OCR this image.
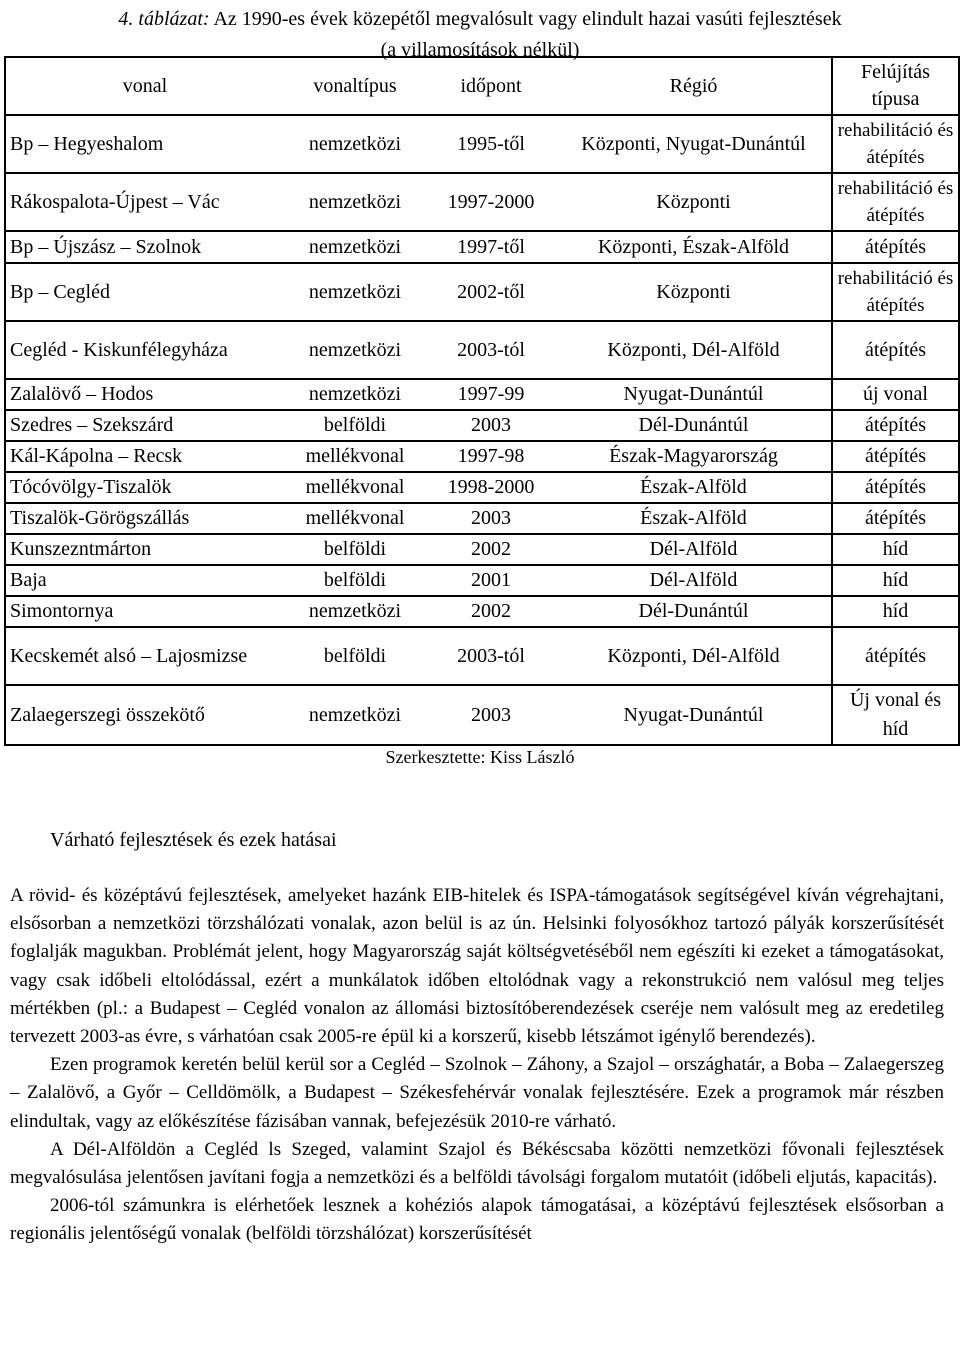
4. táblázat: Az 1990-es évek közepétől megvalósult vagy elindult hazai vasúti fejlesztések
(a villamosítások nélkül)
vonal	vonaltípus	időpont	Régió	Felújítás típusa
Bp – Hegyeshalom	nemzetközi	1995-től	Központi, Nyugat-Dunántúl	rehabilitáció és átépítés
Rákospalota-Újpest – Vác	nemzetközi	1997-2000	Központi	rehabilitáció és átépítés
Bp – Újszász – Szolnok	nemzetközi	1997-től	Központi, Észak-Alföld	átépítés
Bp – Cegléd	nemzetközi	2002-től	Központi	rehabilitáció és átépítés
Cegléd - Kiskunfélegyháza	nemzetközi	2003-tól	Központi, Dél-Alföld	átépítés
Zalalövő – Hodos	nemzetközi	1997-99	Nyugat-Dunántúl	új vonal
Szedres – Szekszárd	belföldi	2003	Dél-Dunántúl	átépítés
Kál-Kápolna – Recsk	mellékvonal	1997-98	Észak-Magyarország	átépítés
Tócóvölgy-Tiszalök	mellékvonal	1998-2000	Észak-Alföld	átépítés
Tiszalök-Görögszállás	mellékvonal	2003	Észak-Alföld	átépítés
Kunszezntmárton	belföldi	2002	Dél-Alföld	híd
Baja	belföldi	2001	Dél-Alföld	híd
Simontornya	nemzetközi	2002	Dél-Dunántúl	híd
Kecskemét alsó – Lajosmizse	belföldi	2003-tól	Központi, Dél-Alföld	átépítés
Zalaegerszegi összekötő	nemzetközi	2003	Nyugat-Dunántúl	Új vonal és híd
Szerkesztette: Kiss László
Várható fejlesztések és ezek hatásai

A rövid- és középtávú fejlesztések, amelyeket hazánk EIB-hitelek és ISPA-támogatások segítségével kíván végrehajtani, elsősorban a nemzetközi törzshálózati vonalak, azon belül is az ún. Helsinki folyosókhoz tartozó pályák korszerűsítését foglalják magukban. Problémát jelent, hogy Magyarország saját költségvetéséből nem egészíti ki ezeket a támogatásokat, vagy csak időbeli eltolódással, ezért a munkálatok időben eltolódnak vagy a rekonstrukció nem valósul meg teljes mértékben (pl.: a Budapest – Cegléd vonalon az állomási biztosítóberendezések cseréje nem valósult meg az eredetileg tervezett 2003-as évre, s várhatóan csak 2005-re épül ki a korszerű, kisebb létszámot igénylő berendezés).

Ezen programok keretén belül kerül sor a Cegléd – Szolnok – Záhony, a Szajol – országhatár, a Boba – Zalaegerszeg – Zalalövő, a Győr – Celldömölk, a Budapest – Székesfehérvár vonalak fejlesztésére. Ezek a programok már részben elindultak, vagy az előkészítése fázisában vannak, befejezésük 2010-re várható.

A Dél-Alföldön a Cegléd ls Szeged, valamint Szajol és Békéscsaba közötti nemzetközi fővonali fejlesztések megvalósulása jelentősen javítani fogja a nemzetközi és a belföldi távolsági forgalom mutatóit (időbeli eljutás, kapacitás).

2006-tól számunkra is elérhetőek lesznek a kohéziós alapok támogatásai, a középtávú fejlesztések elsősorban a regionális jelentőségű vonalak (belföldi törzshálózat) korszerűsítését
